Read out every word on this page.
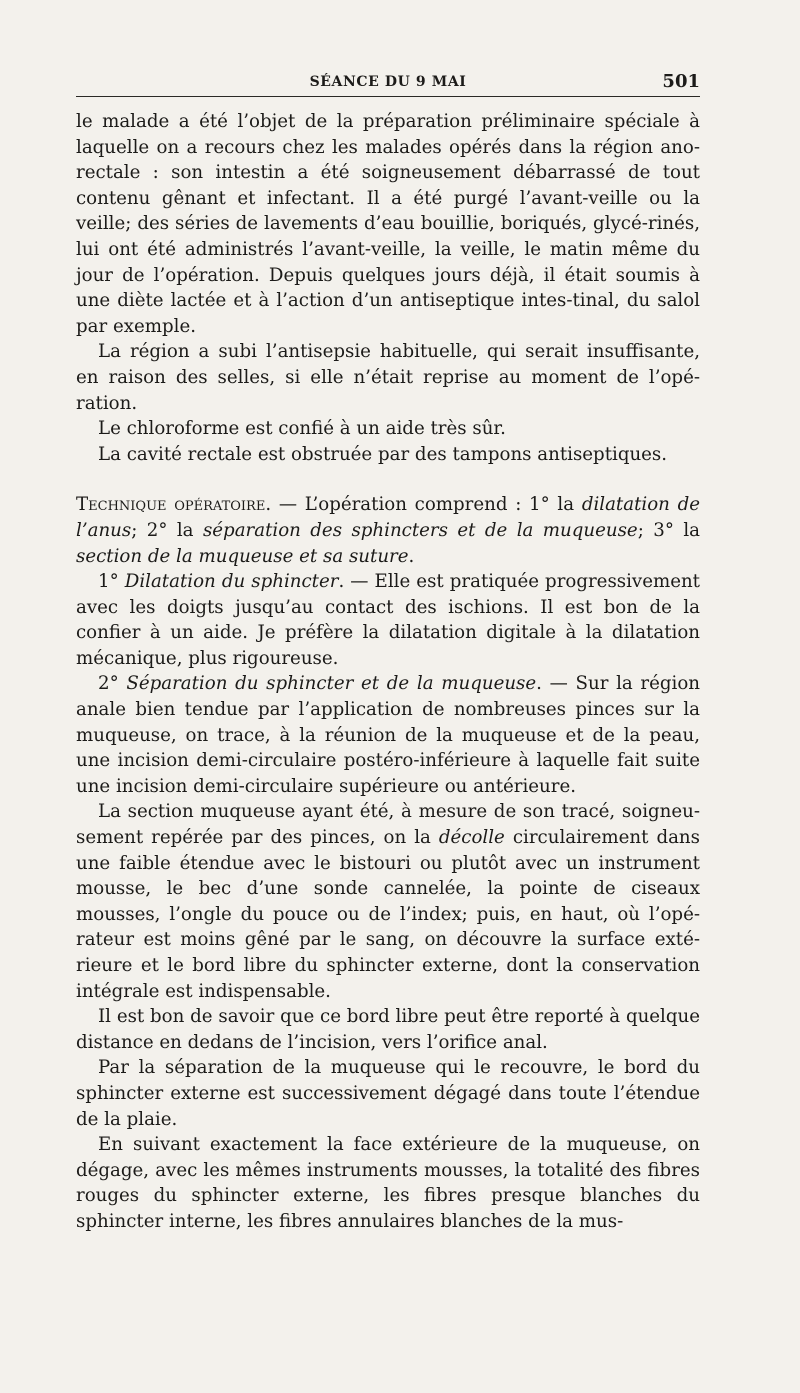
SÉANCE DU 9 MAI	501

le malade a été l’objet de la préparation préliminaire spéciale à laquelle on a recours chez les malades opérés dans la région ano-rectale : son intestin a été soigneusement débarrassé de tout contenu gênant et infectant. Il a été purgé l’avant-veille ou la veille; des séries de lavements d’eau bouillie, boriqués, glycé-rinés, lui ont été administrés l’avant-veille, la veille, le matin même du jour de l’opération. Depuis quelques jours déjà, il était soumis à une diète lactée et à l’action d’un antiseptique intes-tinal, du salol par exemple.

La région a subi l’antisepsie habituelle, qui serait insuffisante, en raison des selles, si elle n’était reprise au moment de l’opé-ration.

Le chloroforme est confié à un aide très sûr.

La cavité rectale est obstruée par des tampons antiseptiques.

Technique opératoire. — L’opération comprend : 1° la dilatation de l’anus; 2° la séparation des sphincters et de la muqueuse; 3° la section de la muqueuse et sa suture.

1° Dilatation du sphincter. — Elle est pratiquée progressivement avec les doigts jusqu’au contact des ischions. Il est bon de la confier à un aide. Je préfère la dilatation digitale à la dilatation mécanique, plus rigoureuse.

2° Séparation du sphincter et de la muqueuse. — Sur la région anale bien tendue par l’application de nombreuses pinces sur la muqueuse, on trace, à la réunion de la muqueuse et de la peau, une incision demi-circulaire postéro-inférieure à laquelle fait suite une incision demi-circulaire supérieure ou antérieure.

La section muqueuse ayant été, à mesure de son tracé, soigneu-sement repérée par des pinces, on la décolle circulairement dans une faible étendue avec le bistouri ou plutôt avec un instrument mousse, le bec d’une sonde cannelée, la pointe de ciseaux mousses, l’ongle du pouce ou de l’index; puis, en haut, où l’opé-rateur est moins gêné par le sang, on découvre la surface exté-rieure et le bord libre du sphincter externe, dont la conservation intégrale est indispensable.

Il est bon de savoir que ce bord libre peut être reporté à quelque distance en dedans de l’incision, vers l’orifice anal.

Par la séparation de la muqueuse qui le recouvre, le bord du sphincter externe est successivement dégagé dans toute l’étendue de la plaie.

En suivant exactement la face extérieure de la muqueuse, on dégage, avec les mêmes instruments mousses, la totalité des fibres rouges du sphincter externe, les fibres presque blanches du sphincter interne, les fibres annulaires blanches de la mus-
